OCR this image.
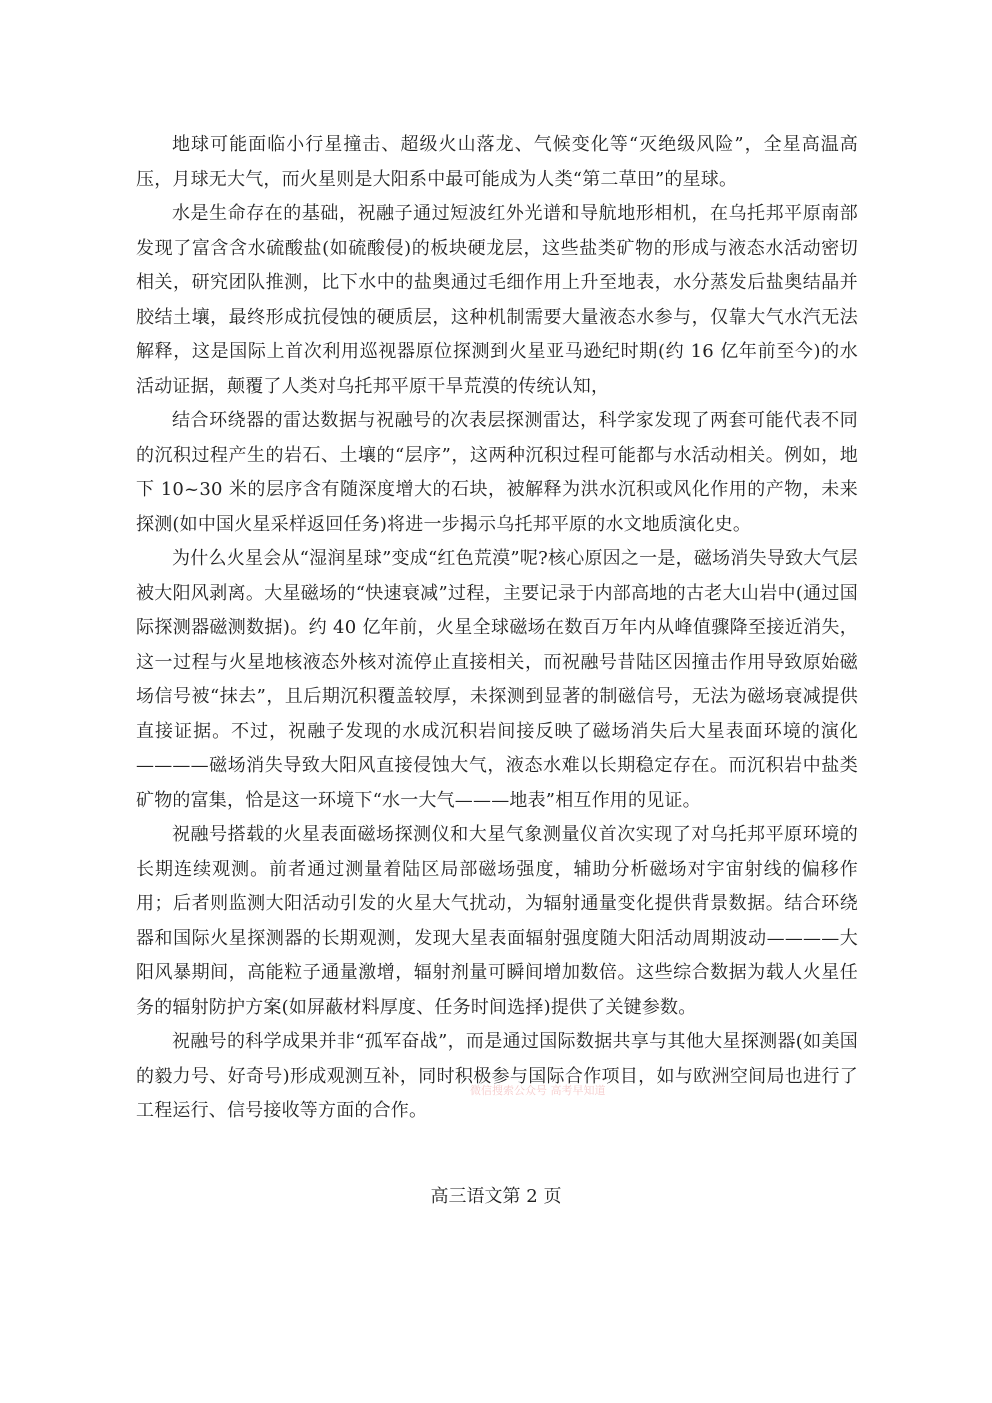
地球可能面临小行星撞击、超级火山落龙、气候变化等“灭绝级风险”，全星高温高压，月球无大气，而火星则是大阳系中最可能成为人类“第二草田”的星球。

水是生命存在的基础，祝融子通过短波红外光谱和导航地形相机，在乌托邦平原南部发现了富含含水硫酸盐(如硫酸侵)的板块硬龙层，这些盐类矿物的形成与液态水活动密切相关，研究团队推测，比下水中的盐奥通过毛细作用上升至地表，水分蒸发后盐奥结晶并胶结土壤，最终形成抗侵蚀的硬质层，这种机制需要大量液态水参与，仅靠大气水汽无法解释，这是国际上首次利用巡视器原位探测到火星亚马逊纪时期(约 16 亿年前至今)的水活动证据，颠覆了人类对乌托邦平原干旱荒漠的传统认知，

结合环绕器的雷达数据与祝融号的次表层探测雷达，科学家发现了两套可能代表不同的沉积过程产生的岩石、土壤的“层序”，这两种沉积过程可能都与水活动相关。例如，地下 10~30 米的层序含有随深度增大的石块，被解释为洪水沉积或风化作用的产物，未来探测(如中国火星采样返回任务)将进一步揭示乌托邦平原的水文地质演化史。

为什么火星会从“湿润星球”变成“红色荒漠”呢?核心原因之一是，磁场消失导致大气层被大阳风剥离。大星磁场的“快速衰减”过程，主要记录于内部高地的古老大山岩中(通过国际探测器磁测数据)。约 40 亿年前，火星全球磁场在数百万年内从峰值骤降至接近消失，这一过程与火星地核液态外核对流停止直接相关，而祝融号昔陆区因撞击作用导致原始磁场信号被“抹去”，且后期沉积覆盖较厚，未探测到显著的制磁信号，无法为磁场衰减提供直接证据。不过，祝融子发现的水成沉积岩间接反映了磁场消失后大星表面环境的演化————磁场消失导致大阳风直接侵蚀大气，液态水难以长期稳定存在。而沉积岩中盐类矿物的富集，恰是这一环境下“水一大气———地表”相互作用的见证。

祝融号搭载的火星表面磁场探测仪和大星气象测量仪首次实现了对乌托邦平原环境的长期连续观测。前者通过测量着陆区局部磁场强度，辅助分析磁场对宇宙射线的偏移作用；后者则监测大阳活动引发的火星大气扰动，为辐射通量变化提供背景数据。结合环绕器和国际火星探测器的长期观测，发现大星表面辐射强度随大阳活动周期波动————大阳风暴期间，高能粒子通量激增，辐射剂量可瞬间增加数倍。这些综合数据为载人火星任务的辐射防护方案(如屏蔽材料厚度、任务时间选择)提供了关键参数。

祝融号的科学成果并非“孤军奋战”，而是通过国际数据共享与其他大星探测器(如美国的毅力号、好奇号)形成观测互补，同时积极参与国际合作项目，如与欧洲空间局也进行了工程运行、信号接收等方面的合作。

微信搜索公众号 高考早知道
高三语文第 2 页
